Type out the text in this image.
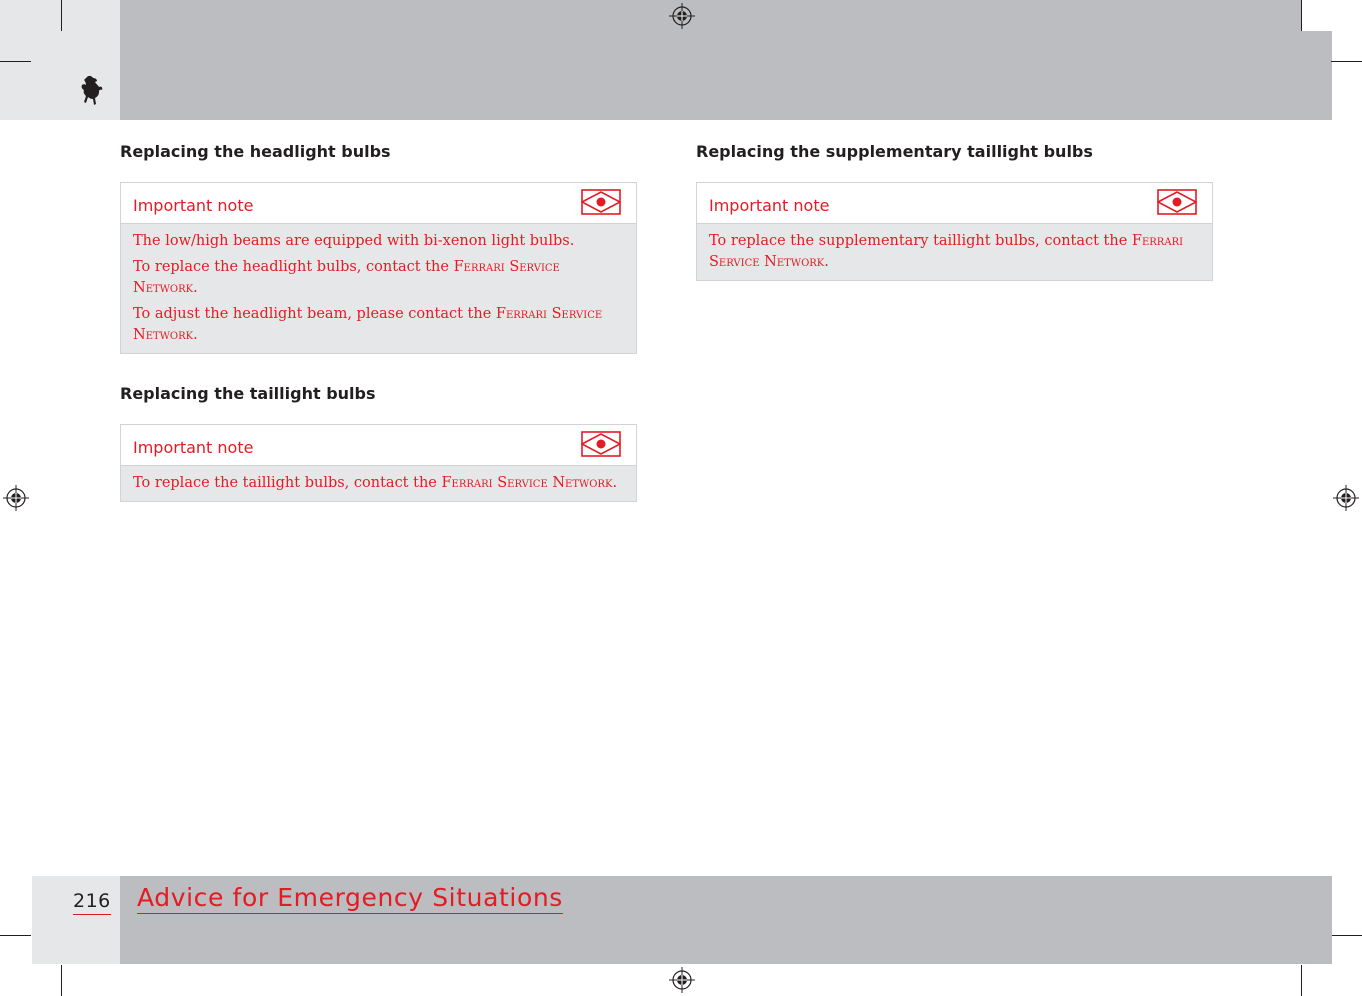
Replacing the headlight bulbs
Important note

The low/high beams are equipped with bi-xenon light bulbs.

To replace the headlight bulbs, contact the Ferrari Service Network.

To adjust the headlight beam, please contact the Ferrari Service Network.

Replacing the taillight bulbs
Important note

To replace the taillight bulbs, contact the Ferrari Service Network.

Replacing the supplementary taillight bulbs
Important note

To replace the supplementary taillight bulbs, contact the Ferrari Service Network.

216 Advice for Emergency Situations
